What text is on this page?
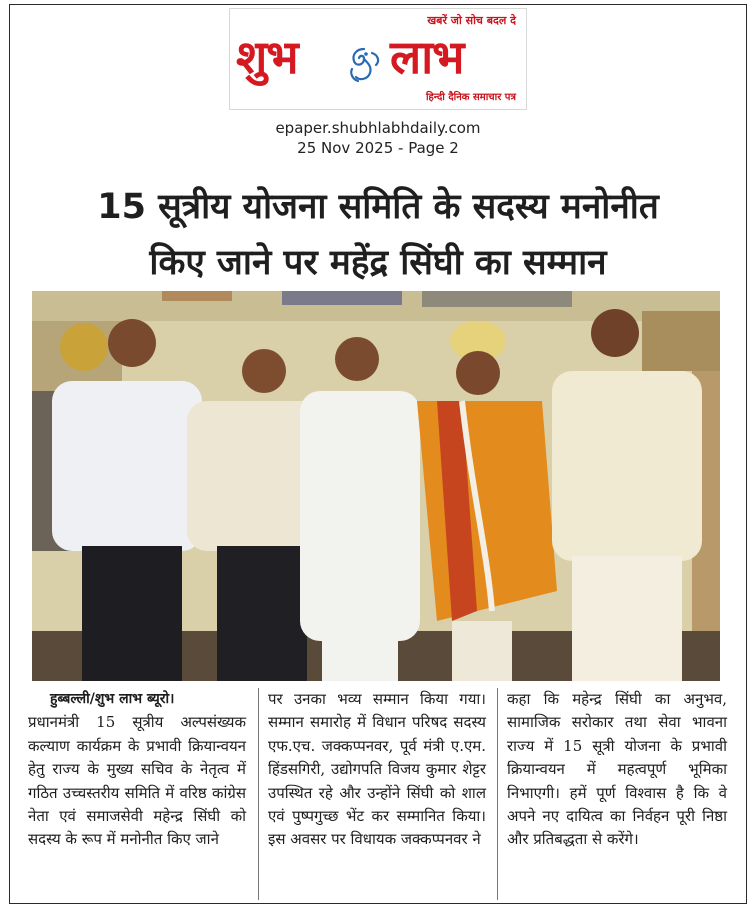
खबरें जो सोच बदल दे
शुभ लाभ
हिन्दी दैनिक समाचार पत्र
epaper.shubhlabhdaily.com
25 Nov 2025 - Page 2
15 सूत्रीय योजना समिति के सदस्य मनोनीत
किए जाने पर महेंद्र सिंघी का सम्मान
हुब्बल्ली/शुभ लाभ ब्यूरो।
प्रधानमंत्री 15 सूत्रीय अल्पसंख्यक कल्याण कार्यक्रम के प्रभावी क्रियान्वयन हेतु राज्य के मुख्य सचिव के नेतृत्व में गठित उच्चस्तरीय समिति में वरिष्ठ कांग्रेस नेता एवं समाजसेवी महेन्द्र सिंघी को सदस्य के रूप में मनोनीत किए जाने
पर उनका भव्य सम्मान किया गया। सम्मान समारोह में विधान परिषद सदस्य एफ.एच. जक्कप्पनवर, पूर्व मंत्री ए.एम. हिंडसगिरी, उद्योगपति विजय कुमार शेट्टर उपस्थित रहे और उन्होंने सिंघी को शाल एवं पुष्पगुच्छ भेंट कर सम्मानित किया। इस अवसर पर विधायक जक्कप्पनवर ने
कहा कि महेन्द्र सिंघी का अनुभव, सामाजिक सरोकार तथा सेवा भावना राज्य में 15 सूत्री योजना के प्रभावी क्रियान्वयन में महत्वपूर्ण भूमिका निभाएगी। हमें पूर्ण विश्वास है कि वे अपने नए दायित्व का निर्वहन पूरी निष्ठा और प्रतिबद्धता से करेंगे।
